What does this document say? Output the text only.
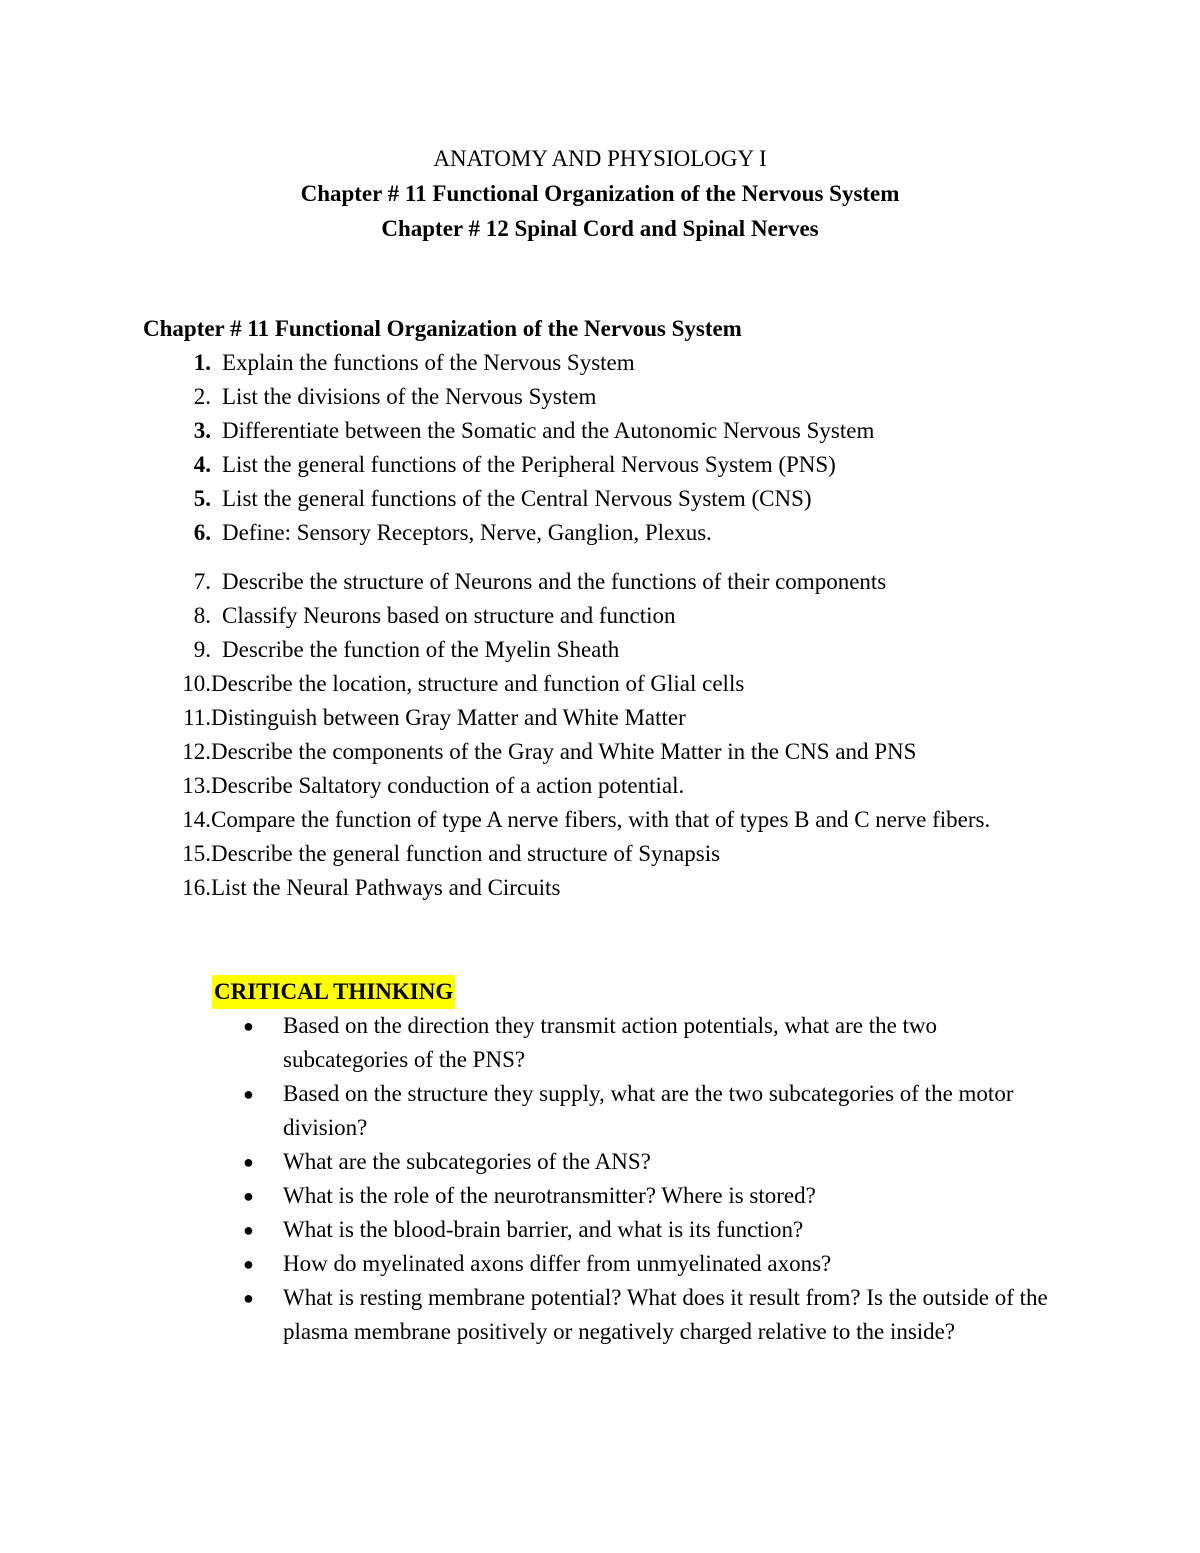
ANATOMY AND PHYSIOLOGY I
Chapter # 11 Functional Organization of the Nervous System
Chapter # 12 Spinal Cord and Spinal Nerves
Chapter # 11 Functional Organization of the Nervous System
1. Explain the functions of the Nervous System
2. List the divisions of the Nervous System
3. Differentiate between the Somatic and the Autonomic Nervous System
4. List the general functions of the Peripheral Nervous System (PNS)
5. List the general functions of the Central Nervous System (CNS)
6. Define: Sensory Receptors, Nerve, Ganglion, Plexus.
7. Describe the structure of Neurons and the functions of their components
8. Classify Neurons based on structure and function
9. Describe the function of the Myelin Sheath
10. Describe the location, structure and function of Glial cells
11. Distinguish between Gray Matter and White Matter
12. Describe the components of the Gray and White Matter in the CNS and PNS
13. Describe Saltatory conduction of a action potential.
14. Compare the function of type A nerve fibers, with that of types B and C nerve fibers.
15. Describe the general function and structure of Synapsis
16. List the Neural Pathways and Circuits
CRITICAL THINKING
●	Based on the direction they transmit action potentials, what are the two subcategories of the PNS?
●	Based on the structure they supply, what are the two subcategories of the motor division?
●	What are the subcategories of the ANS?
●	What is the role of the neurotransmitter? Where is stored?
●	What is the blood-brain barrier, and what is its function?
●	How do myelinated axons differ from unmyelinated axons?
●	What is resting membrane potential? What does it result from? Is the outside of the plasma membrane positively or negatively charged relative to the inside?
